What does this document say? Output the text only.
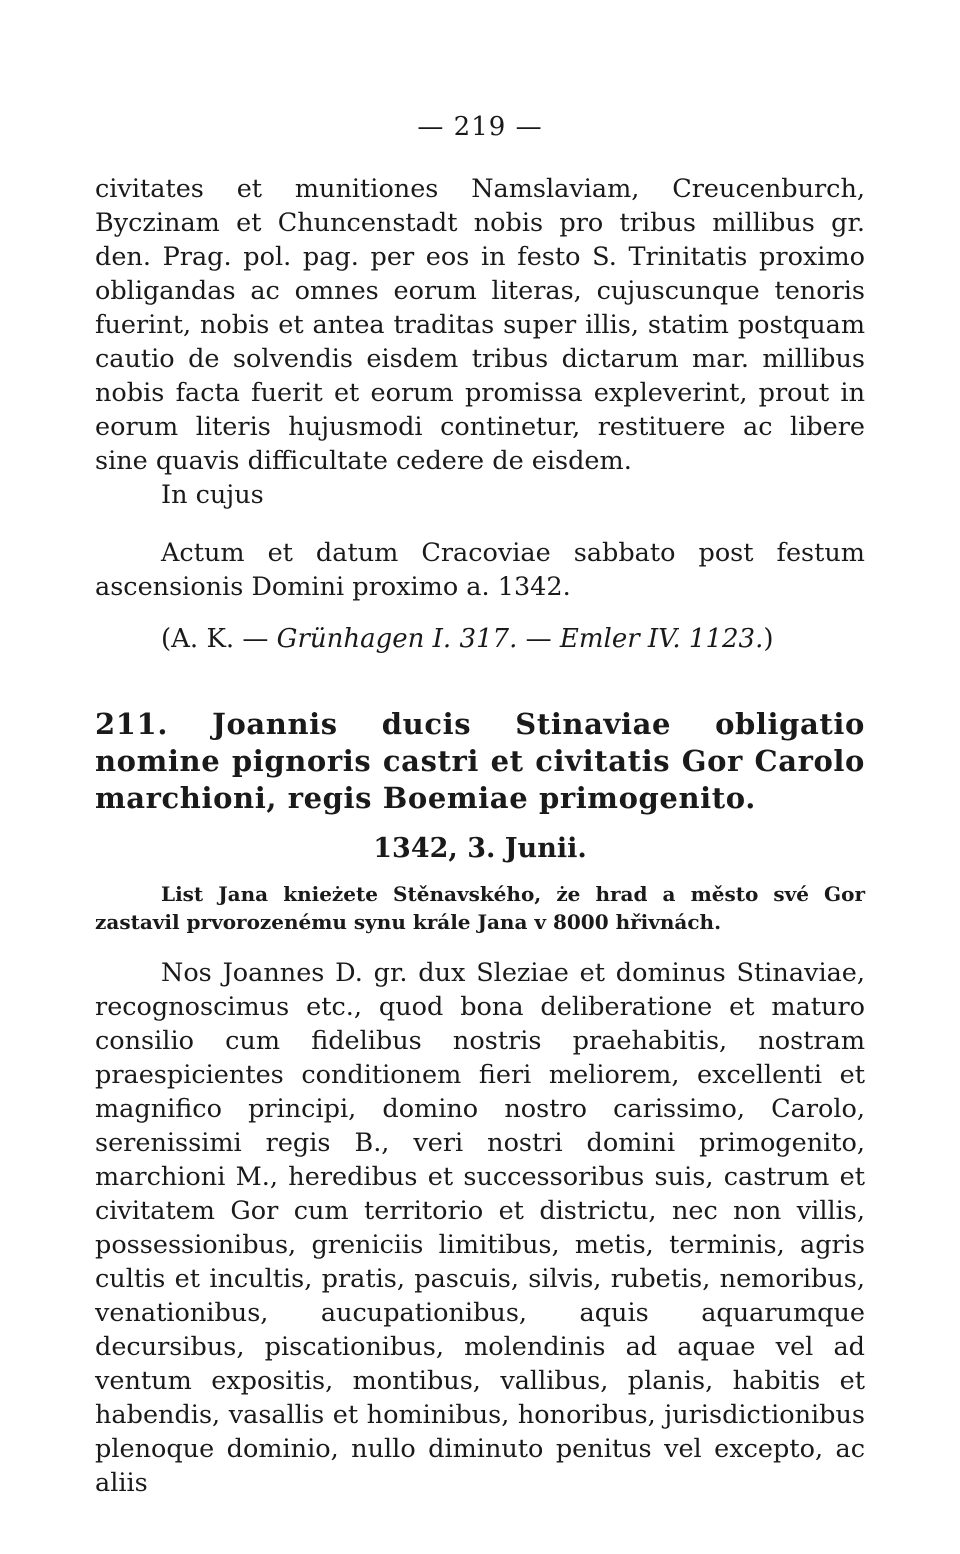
— 219 —
civitates et munitiones Namslaviam, Creucenburch, Byczinam et Chuncenstadt nobis pro tribus millibus gr. den. Prag. pol. pag. per eos in festo S. Trinitatis proximo obligandas ac omnes eorum literas, cujuscunque tenoris fuerint, nobis et antea traditas super illis, statim postquam cautio de solvendis eisdem tribus dictarum mar. millibus nobis facta fuerit et eorum promissa expleverint, prout in eorum literis hujusmodi continetur, restituere ac libere sine quavis difficultate cedere de eisdem.
In cujus
Actum et datum Cracoviae sabbato post festum ascensionis Domini proximo a. 1342.
(A. K. — Grünhagen I. 317. — Emler IV. 1123.)
211. Joannis ducis Stinaviae obligatio nomine pignoris castri et civitatis Gor Carolo marchioni, regis Boemiae primogenito.
1342, 3. Junii.
List Jana knieżete Stěnavského, że hrad a město své Gor zastavil prvorozenému synu krále Jana v 8000 hřivnách.
Nos Joannes D. gr. dux Sleziae et dominus Stinaviae, recognoscimus etc., quod bona deliberatione et maturo consilio cum fidelibus nostris praehabitis, nostram praespicientes conditionem fieri meliorem, excellenti et magnifico principi, domino nostro carissimo, Carolo, serenissimi regis B., veri nostri domini primogenito, marchioni M., heredibus et successoribus suis, castrum et civitatem Gor cum territorio et districtu, nec non villis, possessionibus, greniciis limitibus, metis, terminis, agris cultis et incultis, pratis, pascuis, silvis, rubetis, nemoribus, venationibus, aucupationibus, aquis aquarumque decursibus, piscationibus, molendinis ad aquae vel ad ventum expositis, montibus, vallibus, planis, habitis et habendis, vasallis et hominibus, honoribus, jurisdictionibus plenoque dominio, nullo diminuto penitus vel excepto, ac aliis
